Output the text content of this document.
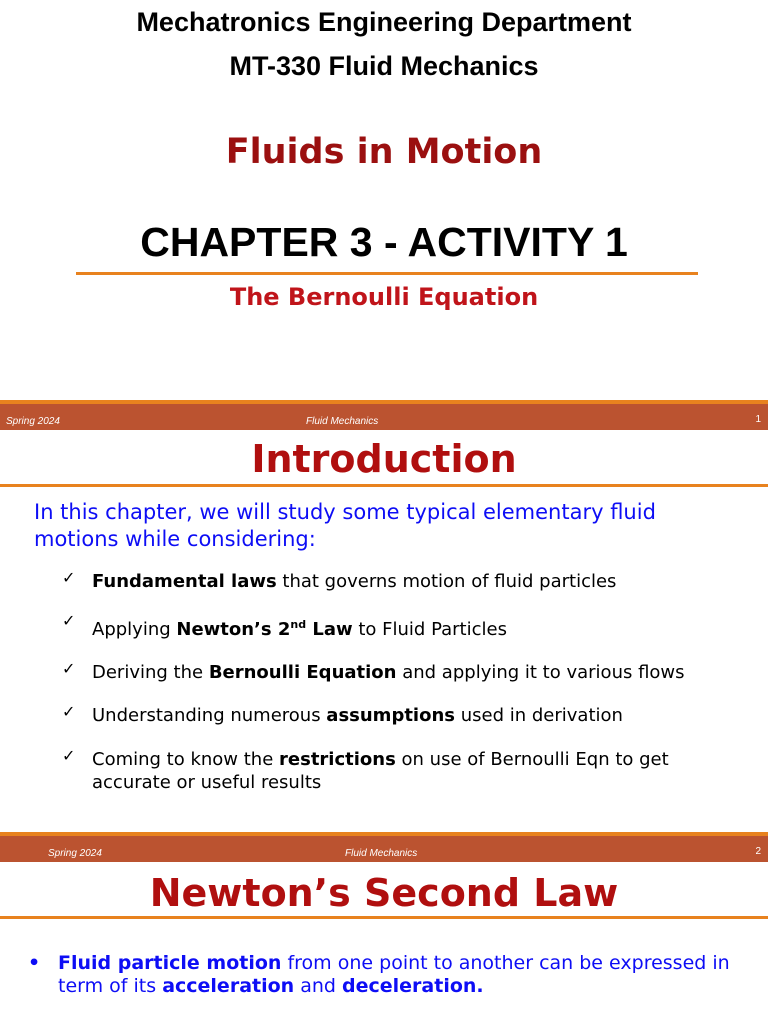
Mechatronics Engineering Department
MT-330 Fluid Mechanics
Fluids in Motion
CHAPTER 3 - ACTIVITY 1
The Bernoulli Equation
Spring 2024	Fluid Mechanics	1
Introduction
In this chapter, we will study some typical elementary fluid motions while considering:
✓ Fundamental laws that governs motion of fluid particles
✓ Applying Newton’s 2nd Law to Fluid Particles
✓ Deriving the Bernoulli Equation and applying it to various flows
✓ Understanding numerous assumptions used in derivation
✓ Coming to know the restrictions on use of Bernoulli Eqn to get accurate or useful results
Spring 2024	Fluid Mechanics	2
Newton’s Second Law
• Fluid particle motion from one point to another can be expressed in term of its acceleration and deceleration.
